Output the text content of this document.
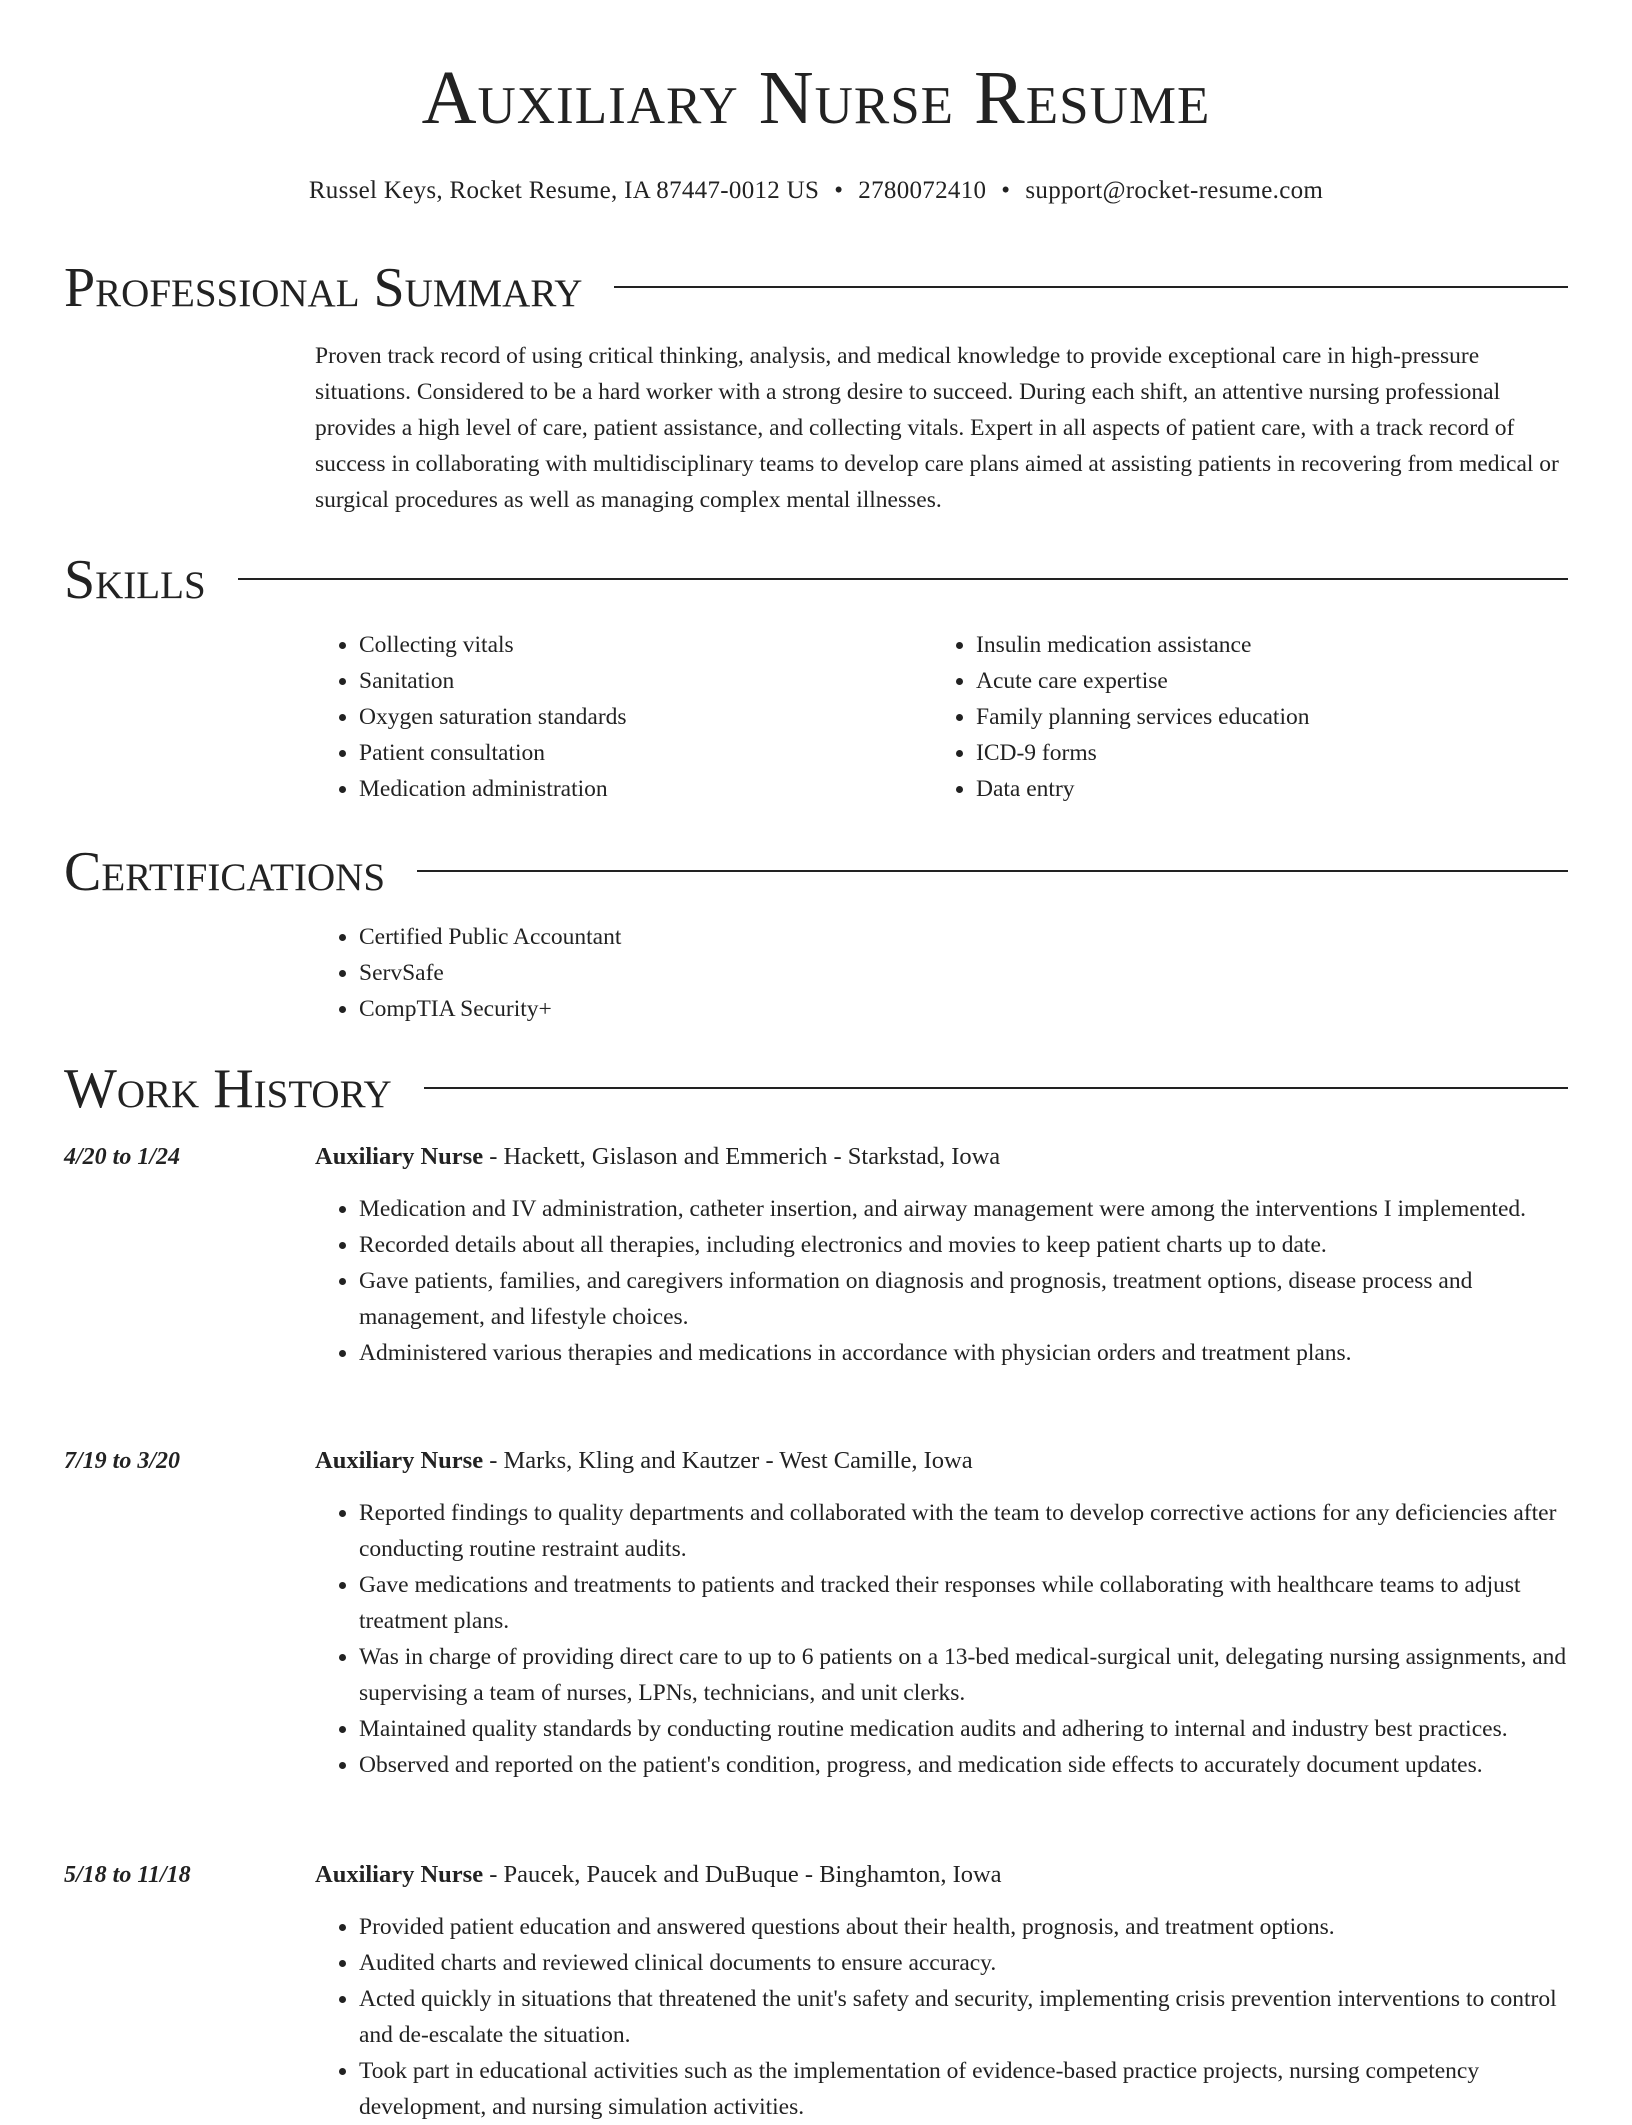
Auxiliary Nurse Resume
Russel Keys, Rocket Resume, IA 87447-0012 US • 2780072410 • support@rocket-resume.com
Professional Summary

Proven track record of using critical thinking, analysis, and medical knowledge to provide exceptional care in high-pressure situations. Considered to be a hard worker with a strong desire to succeed. During each shift, an attentive nursing professional provides a high level of care, patient assistance, and collecting vitals. Expert in all aspects of patient care, with a track record of success in collaborating with multidisciplinary teams to develop care plans aimed at assisting patients in recovering from medical or surgical procedures as well as managing complex mental illnesses.

Skills
• Collecting vitals
• Sanitation
• Oxygen saturation standards
• Patient consultation
• Medication administration
• Insulin medication assistance
• Acute care expertise
• Family planning services education
• ICD-9 forms
• Data entry
Certifications
• Certified Public Accountant
• ServSafe
• CompTIA Security+
Work History
4/20 to 1/24	Auxiliary Nurse - Hackett, Gislason and Emmerich - Starkstad, Iowa
• Medication and IV administration, catheter insertion, and airway management were among the interventions I implemented.
• Recorded details about all therapies, including electronics and movies to keep patient charts up to date.
• Gave patients, families, and caregivers information on diagnosis and prognosis, treatment options, disease process and management, and lifestyle choices.
• Administered various therapies and medications in accordance with physician orders and treatment plans.
7/19 to 3/20	Auxiliary Nurse - Marks, Kling and Kautzer - West Camille, Iowa
• Reported findings to quality departments and collaborated with the team to develop corrective actions for any deficiencies after conducting routine restraint audits.
• Gave medications and treatments to patients and tracked their responses while collaborating with healthcare teams to adjust treatment plans.
• Was in charge of providing direct care to up to 6 patients on a 13-bed medical-surgical unit, delegating nursing assignments, and supervising a team of nurses, LPNs, technicians, and unit clerks.
• Maintained quality standards by conducting routine medication audits and adhering to internal and industry best practices.
• Observed and reported on the patient's condition, progress, and medication side effects to accurately document updates.
5/18 to 11/18	Auxiliary Nurse - Paucek, Paucek and DuBuque - Binghamton, Iowa
• Provided patient education and answered questions about their health, prognosis, and treatment options.
• Audited charts and reviewed clinical documents to ensure accuracy.
• Acted quickly in situations that threatened the unit's safety and security, implementing crisis prevention interventions to control and de-escalate the situation.
• Took part in educational activities such as the implementation of evidence-based practice projects, nursing competency development, and nursing simulation activities.
